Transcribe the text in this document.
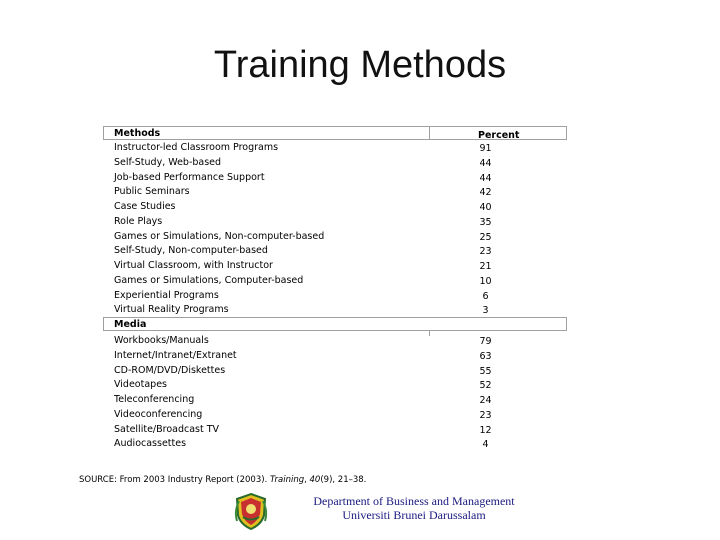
Training Methods
Methods	Percent
Instructor-led Classroom Programs	91
Self-Study, Web-based	44
Job-based Performance Support	44
Public Seminars	42
Case Studies	40
Role Plays	35
Games or Simulations, Non-computer-based	25
Self-Study, Non-computer-based	23
Virtual Classroom, with Instructor	21
Games or Simulations, Computer-based	10
Experiential Programs	6
Virtual Reality Programs	3
Media
Workbooks/Manuals	79
Internet/Intranet/Extranet	63
CD-ROM/DVD/Diskettes	55
Videotapes	52
Teleconferencing	24
Videoconferencing	23
Satellite/Broadcast TV	12
Audiocassettes	4
SOURCE: From 2003 Industry Report (2003). Training, 40(9), 21–38.
Department of Business and Management
Universiti Brunei Darussalam
